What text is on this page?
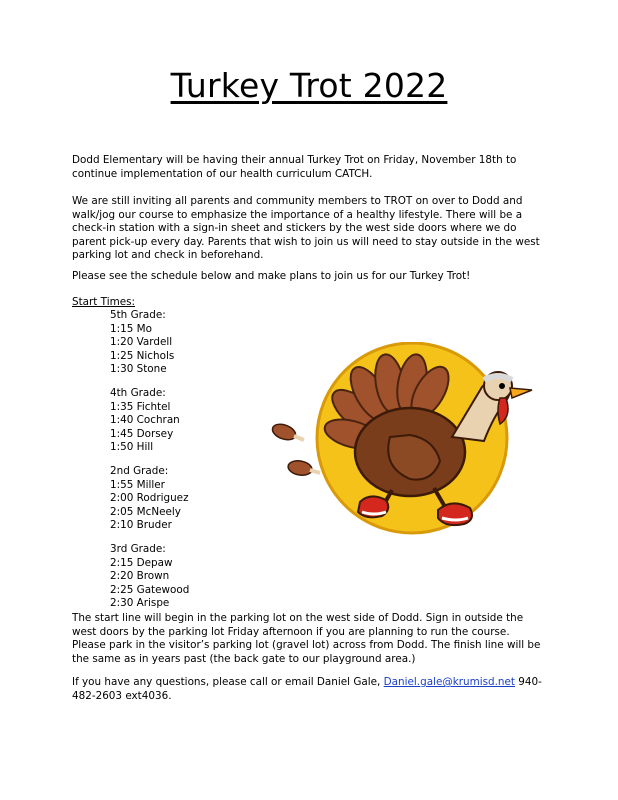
Turkey Trot 2022

Dodd Elementary will be having their annual Turkey Trot on Friday, November 18th to continue implementation of our health curriculum CATCH.

We are still inviting all parents and community members to TROT on over to Dodd and walk/jog our course to emphasize the importance of a healthy lifestyle. There will be a check-in station with a sign-in sheet and stickers by the west side doors where we do parent pick-up every day. Parents that wish to join us will need to stay outside in the west parking lot and check in beforehand.

Please see the schedule below and make plans to join us for our Turkey Trot!

Start Times:
5th Grade:
1:15 Mo
1:20 Vardell
1:25 Nichols
1:30 Stone
4th Grade:
1:35 Fichtel
1:40 Cochran
1:45 Dorsey
1:50 Hill
2nd Grade:
1:55 Miller
2:00 Rodriguez
2:05 McNeely
2:10 Bruder
3rd Grade:
2:15 Depaw
2:20 Brown
2:25 Gatewood
2:30 Arispe

The start line will begin in the parking lot on the west side of Dodd. Sign in outside the west doors by the parking lot Friday afternoon if you are planning to run the course. Please park in the visitor’s parking lot (gravel lot) across from Dodd. The finish line will be the same as in years past (the back gate to our playground area.)

If you have any questions, please call or email Daniel Gale, Daniel.gale@krumisd.net 940-482-2603 ext4036.
